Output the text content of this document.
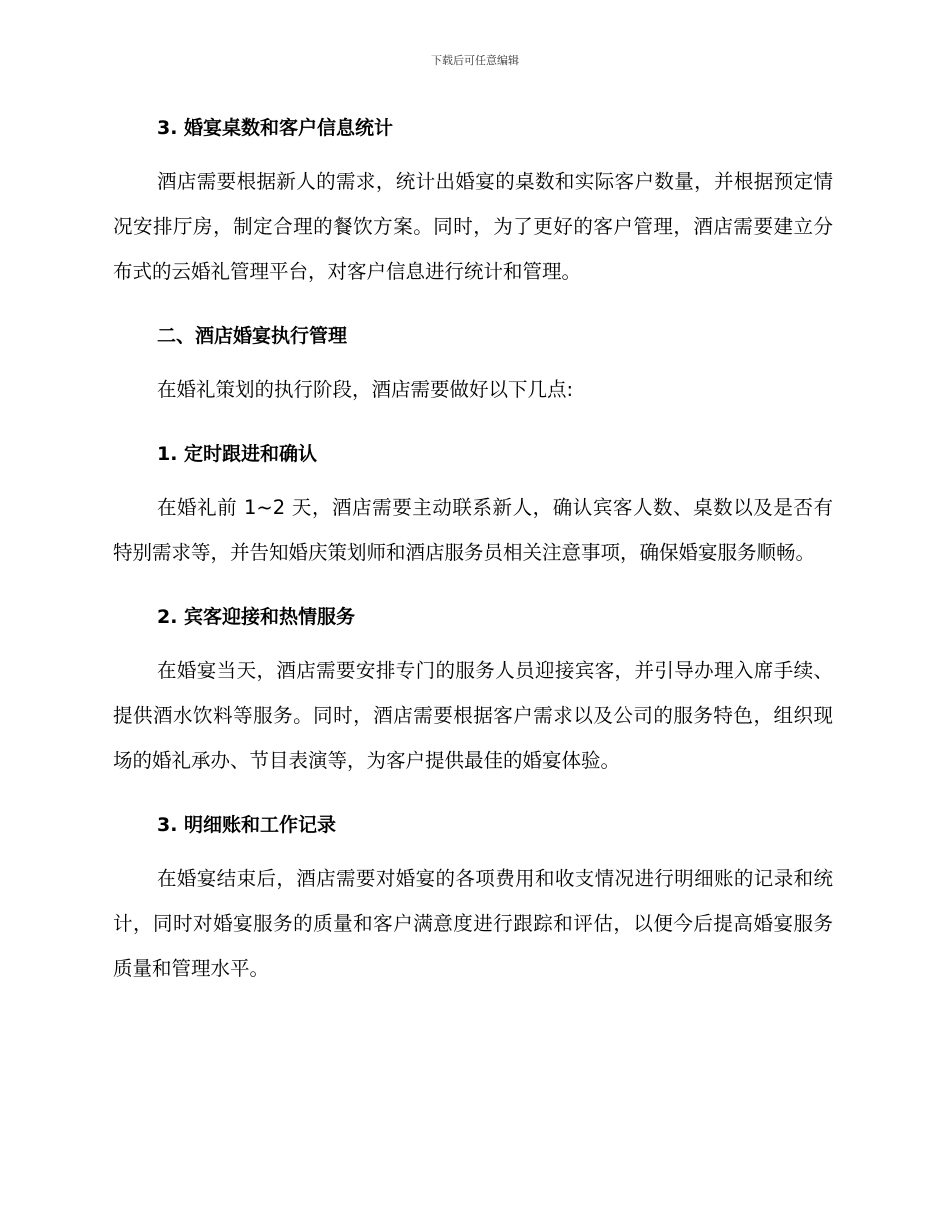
下载后可任意编辑
3. 婚宴桌数和客户信息统计

酒店需要根据新人的需求，统计出婚宴的桌数和实际客户数量，并根据预定情况安排厅房，制定合理的餐饮方案。同时，为了更好的客户管理，酒店需要建立分布式的云婚礼管理平台，对客户信息进行统计和管理。

二、酒店婚宴执行管理

在婚礼策划的执行阶段，酒店需要做好以下几点:

1. 定时跟进和确认

在婚礼前 1~2 天，酒店需要主动联系新人，确认宾客人数、桌数以及是否有特别需求等，并告知婚庆策划师和酒店服务员相关注意事项，确保婚宴服务顺畅。

2. 宾客迎接和热情服务

在婚宴当天，酒店需要安排专门的服务人员迎接宾客，并引导办理入席手续、提供酒水饮料等服务。同时，酒店需要根据客户需求以及公司的服务特色，组织现场的婚礼承办、节目表演等，为客户提供最佳的婚宴体验。

3. 明细账和工作记录

在婚宴结束后，酒店需要对婚宴的各项费用和收支情况进行明细账的记录和统计，同时对婚宴服务的质量和客户满意度进行跟踪和评估，以便今后提高婚宴服务质量和管理水平。
